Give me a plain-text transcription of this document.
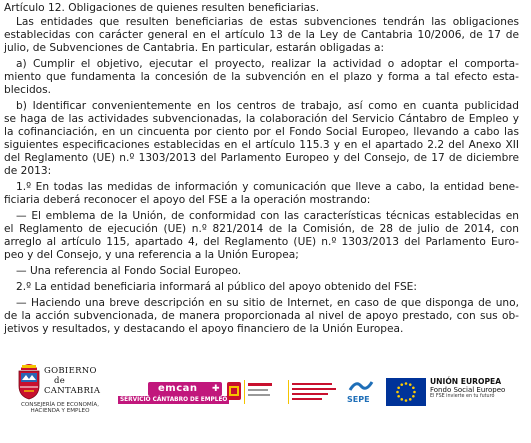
Artículo 12. Obligaciones de quienes resulten beneficiarias.
Las entidades que resulten beneficiarias de estas subvenciones tendrán las obligaciones
establecidas con carácter general en el artículo 13 de la Ley de Cantabria 10/2006, de 17 de
julio, de Subvenciones de Cantabria. En particular, estarán obligadas a:
a) Cumplir el objetivo, ejecutar el proyecto, realizar la actividad o adoptar el comporta-
miento que fundamenta la concesión de la subvención en el plazo y forma a tal efecto esta-
blecidos.
b) Identificar convenientemente en los centros de trabajo, así como en cuanta publicidad
se haga de las actividades subvencionadas, la colaboración del Servicio Cántabro de Empleo y
la cofinanciación, en un cincuenta por ciento por el Fondo Social Europeo, llevando a cabo las
siguientes especificaciones establecidas en el artículo 115.3 y en el apartado 2.2 del Anexo XII
del Reglamento (UE) n.º 1303/2013 del Parlamento Europeo y del Consejo, de 17 de diciembre
de 2013:
1.º En todas las medidas de información y comunicación que lleve a cabo, la entidad bene-
ficiaria deberá reconocer el apoyo del FSE a la operación mostrando:
— El emblema de la Unión, de conformidad con las características técnicas establecidas en
el Reglamento de ejecución (UE) n.º 821/2014 de la Comisión, de 28 de julio de 2014, con
arreglo al artículo 115, apartado 4, del Reglamento (UE) n.º 1303/2013 del Parlamento Euro-
peo y del Consejo, y una referencia a la Unión Europea;
— Una referencia al Fondo Social Europeo.
2.º La entidad beneficiaria informará al público del apoyo obtenido del FSE:
— Haciendo una breve descripción en su sitio de Internet, en caso de que disponga de uno,
de la acción subvencionada, de manera proporcionada al nivel de apoyo prestado, con sus ob-
jetivos y resultados, y destacando el apoyo financiero de la Unión Europea.
GOBIERNO
de
CANTABRIA
CONSEJERÍA DE ECONOMÍA,
HACIENDA Y EMPLEO
emcan ✚
SERVICIO CÁNTABRO DE EMPLEO	SEPE
UNIÓN EUROPEA
Fondo Social Europeo
El FSE invierte en tu futuro
